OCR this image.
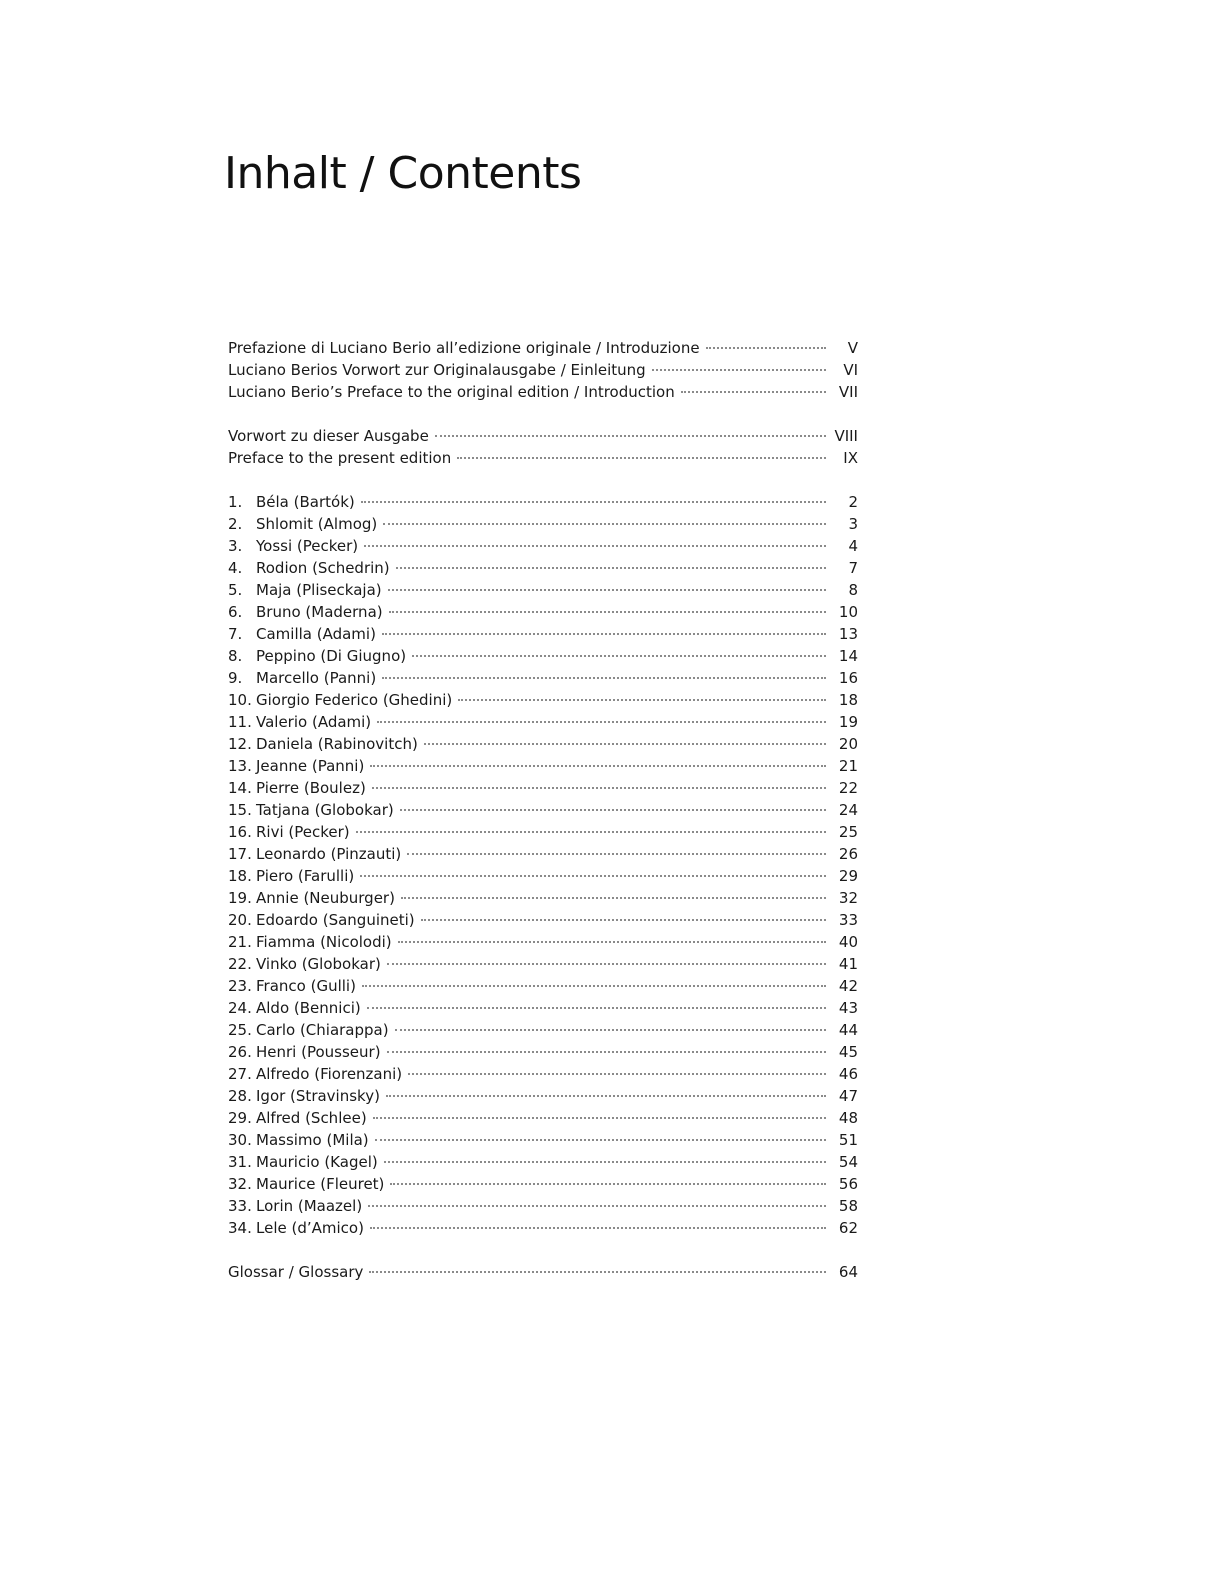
Inhalt / Contents
Prefazione di Luciano Berio all’edizione originale / Introduzione	V
Luciano Berios Vorwort zur Originalausgabe / Einleitung	VI
Luciano Berio’s Preface to the original edition / Introduction	VII
Vorwort zu dieser Ausgabe	VIII
Preface to the present edition	IX
1. Béla (Bartók)	2
2. Shlomit (Almog)	3
3. Yossi (Pecker)	4
4. Rodion (Schedrin)	7
5. Maja (Pliseckaja)	8
6. Bruno (Maderna)	10
7. Camilla (Adami)	13
8. Peppino (Di Giugno)	14
9. Marcello (Panni)	16
10. Giorgio Federico (Ghedini)	18
11. Valerio (Adami)	19
12. Daniela (Rabinovitch)	20
13. Jeanne (Panni)	21
14. Pierre (Boulez)	22
15. Tatjana (Globokar)	24
16. Rivi (Pecker)	25
17. Leonardo (Pinzauti)	26
18. Piero (Farulli)	29
19. Annie (Neuburger)	32
20. Edoardo (Sanguineti)	33
21. Fiamma (Nicolodi)	40
22. Vinko (Globokar)	41
23. Franco (Gulli)	42
24. Aldo (Bennici)	43
25. Carlo (Chiarappa)	44
26. Henri (Pousseur)	45
27. Alfredo (Fiorenzani)	46
28. Igor (Stravinsky)	47
29. Alfred (Schlee)	48
30. Massimo (Mila)	51
31. Mauricio (Kagel)	54
32. Maurice (Fleuret)	56
33. Lorin (Maazel)	58
34. Lele (d’Amico)	62
Glossar / Glossary	64
